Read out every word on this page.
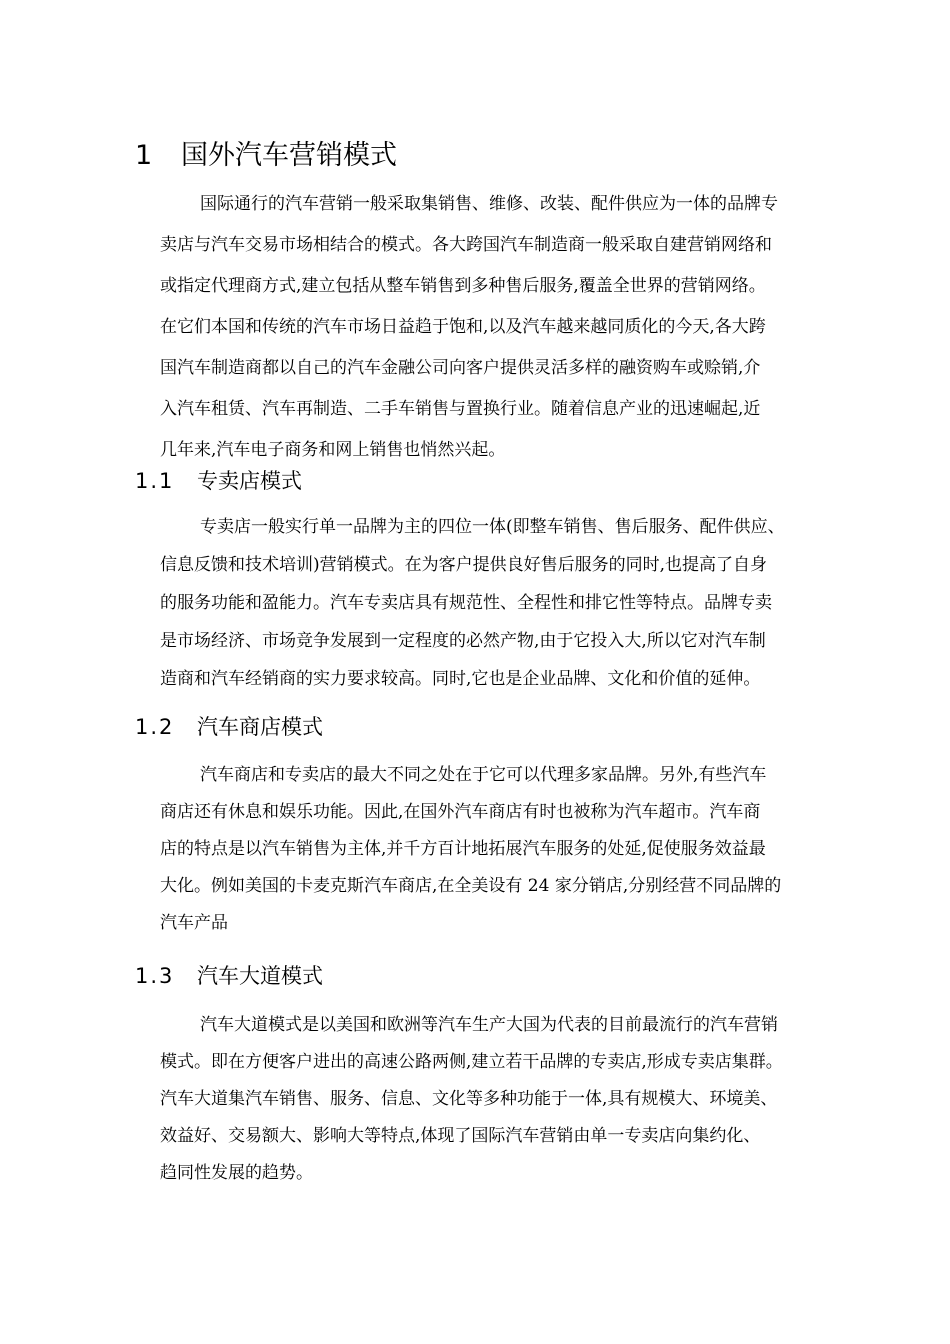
1	国外汽车营销模式
国际通行的汽车营销一般采取集销售、维修、改装、配件供应为一体的品牌专
卖店与汽车交易市场相结合的模式。各大跨国汽车制造商一般采取自建营销网络和
或指定代理商方式,建立包括从整车销售到多种售后服务,覆盖全世界的营销网络。
在它们本国和传统的汽车市场日益趋于饱和,以及汽车越来越同质化的今天,各大跨
国汽车制造商都以自己的汽车金融公司向客户提供灵活多样的融资购车或赊销,介
入汽车租赁、汽车再制造、二手车销售与置换行业。随着信息产业的迅速崛起,近
几年来,汽车电子商务和网上销售也悄然兴起。
1.1	专卖店模式
专卖店一般实行单一品牌为主的四位一体(即整车销售、售后服务、配件供应、
信息反馈和技术培训)营销模式。在为客户提供良好售后服务的同时,也提高了自身
的服务功能和盈能力。汽车专卖店具有规范性、全程性和排它性等特点。品牌专卖
是市场经济、市场竞争发展到一定程度的必然产物,由于它投入大,所以它对汽车制
造商和汽车经销商的实力要求较高。同时,它也是企业品牌、文化和价值的延伸。
1.2	汽车商店模式
汽车商店和专卖店的最大不同之处在于它可以代理多家品牌。另外,有些汽车
商店还有休息和娱乐功能。因此,在国外汽车商店有时也被称为汽车超市。汽车商
店的特点是以汽车销售为主体,并千方百计地拓展汽车服务的处延,促使服务效益最
大化。例如美国的卡麦克斯汽车商店,在全美设有 24 家分销店,分别经营不同品牌的
汽车产品
1.3	汽车大道模式
汽车大道模式是以美国和欧洲等汽车生产大国为代表的目前最流行的汽车营销
模式。即在方便客户进出的高速公路两侧,建立若干品牌的专卖店,形成专卖店集群。
汽车大道集汽车销售、服务、信息、文化等多种功能于一体,具有规模大、环境美、
效益好、交易额大、影响大等特点,体现了国际汽车营销由单一专卖店向集约化、
趋同性发展的趋势。
